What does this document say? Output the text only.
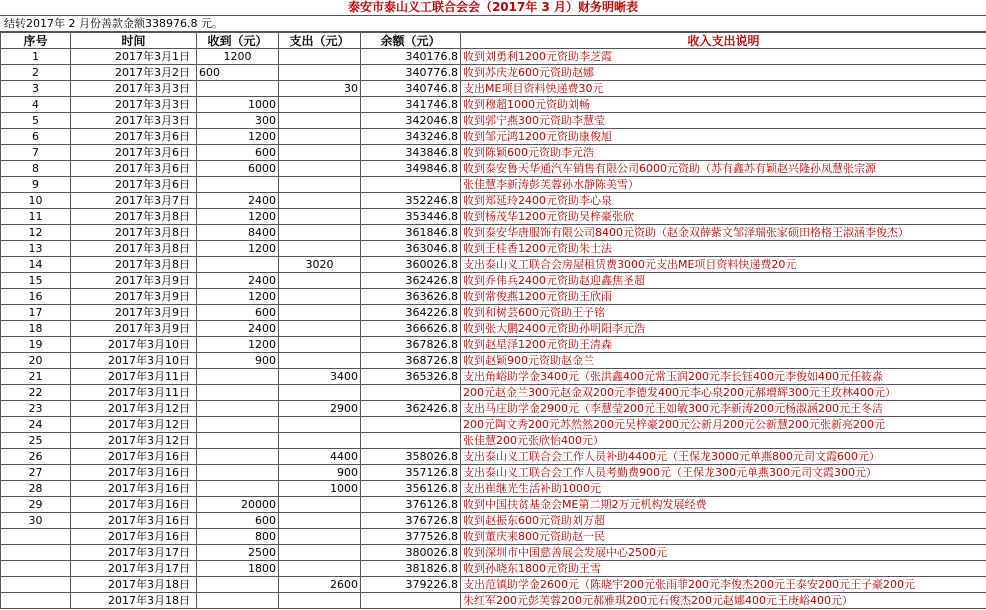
泰安市泰山义工联合会会（2017年 3 月）财务明晰表
结转2017年 2 月份善款金额338976.8 元。
序号	时间	收到（元）	支出（元）	余额（元）	收入支出说明
1	2017年3月1日	1200		340176.8	收到刘勇利1200元资助李芝霞
2	2017年3月2日	600		340776.8	收到苏庆龙600元资助赵娜
3	2017年3月3日		30	340746.8	支出ME项目资料快递费30元
4	2017年3月3日	1000		341746.8	收到穆超1000元资助刘畅
5	2017年3月3日	300		342046.8	收到郭宁燕300元资助李慧莹
6	2017年3月6日	1200		343246.8	收到邹元鸿1200元资助康俊旭
7	2017年3月6日	600		343846.8	收到陈颖600元资助李元浩
8	2017年3月6日	6000		349846.8	收到泰安鲁天华通汽车销售有限公司6000元资助（苏有鑫苏有颖赵兴隆孙凤慧张宗源
9	2017年3月6日				张佳慧李新涛彭芙蓉孙水静陈美雪）
10	2017年3月7日	2400		352246.8	收到郑延玲2400元资助李心泉
11	2017年3月8日	1200		353446.8	收到杨茂华1200元资助吴梓豪张欣
12	2017年3月8日	8400		361846.8	收到泰安华唐服饰有限公司8400元资助（赵金双薛紫文邹泽瑞张家硕田格格王淑涵李俊杰）
13	2017年3月8日	1200		363046.8	收到王桂香1200元资助朱士法
14	2017年3月8日		3020	360026.8	支出泰山义工联合会房屋租赁费3000元支出ME项目资料快递费20元
15	2017年3月9日	2400		362426.8	收到乔伟兵2400元资助赵迎鑫焦圣超
16	2017年3月9日	1200		363626.8	收到常俊燕1200元资助王欣雨
17	2017年3月9日	600		364226.8	收到和树芸600元资助王子铭
18	2017年3月9日	2400		366626.8	收到张大鹏2400元资助孙明阳李元浩
19	2017年3月10日	1200		367826.8	收到赵星泽1200元资助王清森
20	2017年3月10日	900		368726.8	收到赵颖900元资助赵金兰
21	2017年3月11日		3400	365326.8	支出角峪助学金3400元（张洪鑫400元常玉润200元李长钰400元李俊如400元任筱淼
22	2017年3月11日				200元赵金兰300元赵金双200元李德发400元李心泉200元郝增辉300元王玫林400元）
23	2017年3月12日		2900	362426.8	支出马庄助学金2900元（李慧莹200元王如敏300元李新涛200元杨淑涵200元王冬洁
24	2017年3月12日				200元陶文秀200元苏然然200元吴梓豪200元公新月200元公新慧200元张新亮200元
25	2017年3月12日				张佳慧200元张欣怡400元）
26	2017年3月16日		4400	358026.8	支出泰山义工联合会工作人员补助4400元（王保龙3000元单燕800元司文霞600元）
27	2017年3月16日		900	357126.8	支出泰山义工联合会工作人员考勤费900元（王保龙300元单燕300元司文霞300元）
28	2017年3月16日		1000	356126.8	支出崔继光生活补助1000元
29	2017年3月16日	20000		376126.8	收到中国扶贫基金会ME第二期2万元机构发展经费
30	2017年3月16日	600		376726.8	收到赵振东600元资助刘万超
	2017年3月16日	800		377526.8	收到董庆来800元资助赵一民
	2017年3月17日	2500		380026.8	收到深圳市中国慈善展会发展中心2500元
	2017年3月17日	1800		381826.8	收到孙晓东1800元资助王雪
	2017年3月18日		2600	379226.8	支出范镇助学金2600元（陈晓宇200元张雨菲200元李俊杰200元王泰安200元王子豪200元
	2017年3月18日				朱红军200元彭芙蓉200元郝雅琪200元石俊杰200元赵娜400元王庚峪400元）
